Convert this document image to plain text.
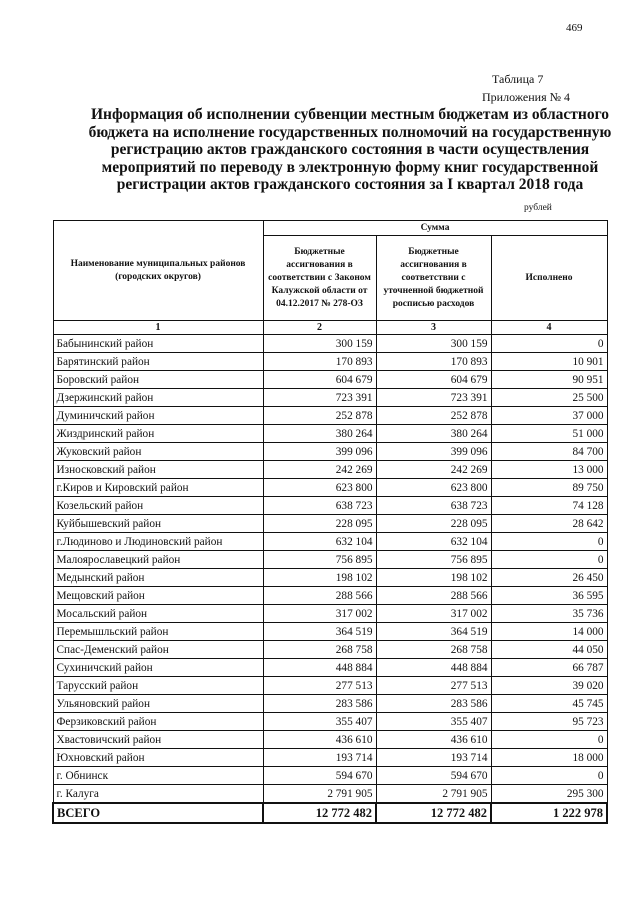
469
Таблица 7
Приложения № 4
Информация об исполнении субвенции местным бюджетам из областного бюджета на исполнение государственных полномочий на государственную регистрацию актов гражданского состояния в части осуществления мероприятий по переводу в электронную форму книг государственной регистрации актов гражданского состояния за I квартал 2018 года
рублей
Наименование муниципальных районов (городских округов)	Сумма		
	Бюджетные ассигнования в соответствии с Законом Калужской области от 04.12.2017 № 278-ОЗ	Бюджетные ассигнования в соответствии с уточненной бюджетной росписью расходов	Исполнено
1	2	3	4
Бабынинский район	300 159	300 159	0
Барятинский район	170 893	170 893	10 901
Боровский район	604 679	604 679	90 951
Дзержинский район	723 391	723 391	25 500
Думиничский район	252 878	252 878	37 000
Жиздринский район	380 264	380 264	51 000
Жуковский район	399 096	399 096	84 700
Износковский район	242 269	242 269	13 000
г.Киров и Кировский район	623 800	623 800	89 750
Козельский район	638 723	638 723	74 128
Куйбышевский район	228 095	228 095	28 642
г.Людиново и Людиновский район	632 104	632 104	0
Малоярославецкий район	756 895	756 895	0
Медынский район	198 102	198 102	26 450
Мещовский район	288 566	288 566	36 595
Мосальский район	317 002	317 002	35 736
Перемышльский район	364 519	364 519	14 000
Спас-Деменский район	268 758	268 758	44 050
Сухиничский район	448 884	448 884	66 787
Тарусский район	277 513	277 513	39 020
Ульяновский район	283 586	283 586	45 745
Ферзиковский район	355 407	355 407	95 723
Хвастовичский район	436 610	436 610	0
Юхновский район	193 714	193 714	18 000
г. Обнинск	594 670	594 670	0
г. Калуга	2 791 905	2 791 905	295 300
ВСЕГО	12 772 482	12 772 482	1 222 978
